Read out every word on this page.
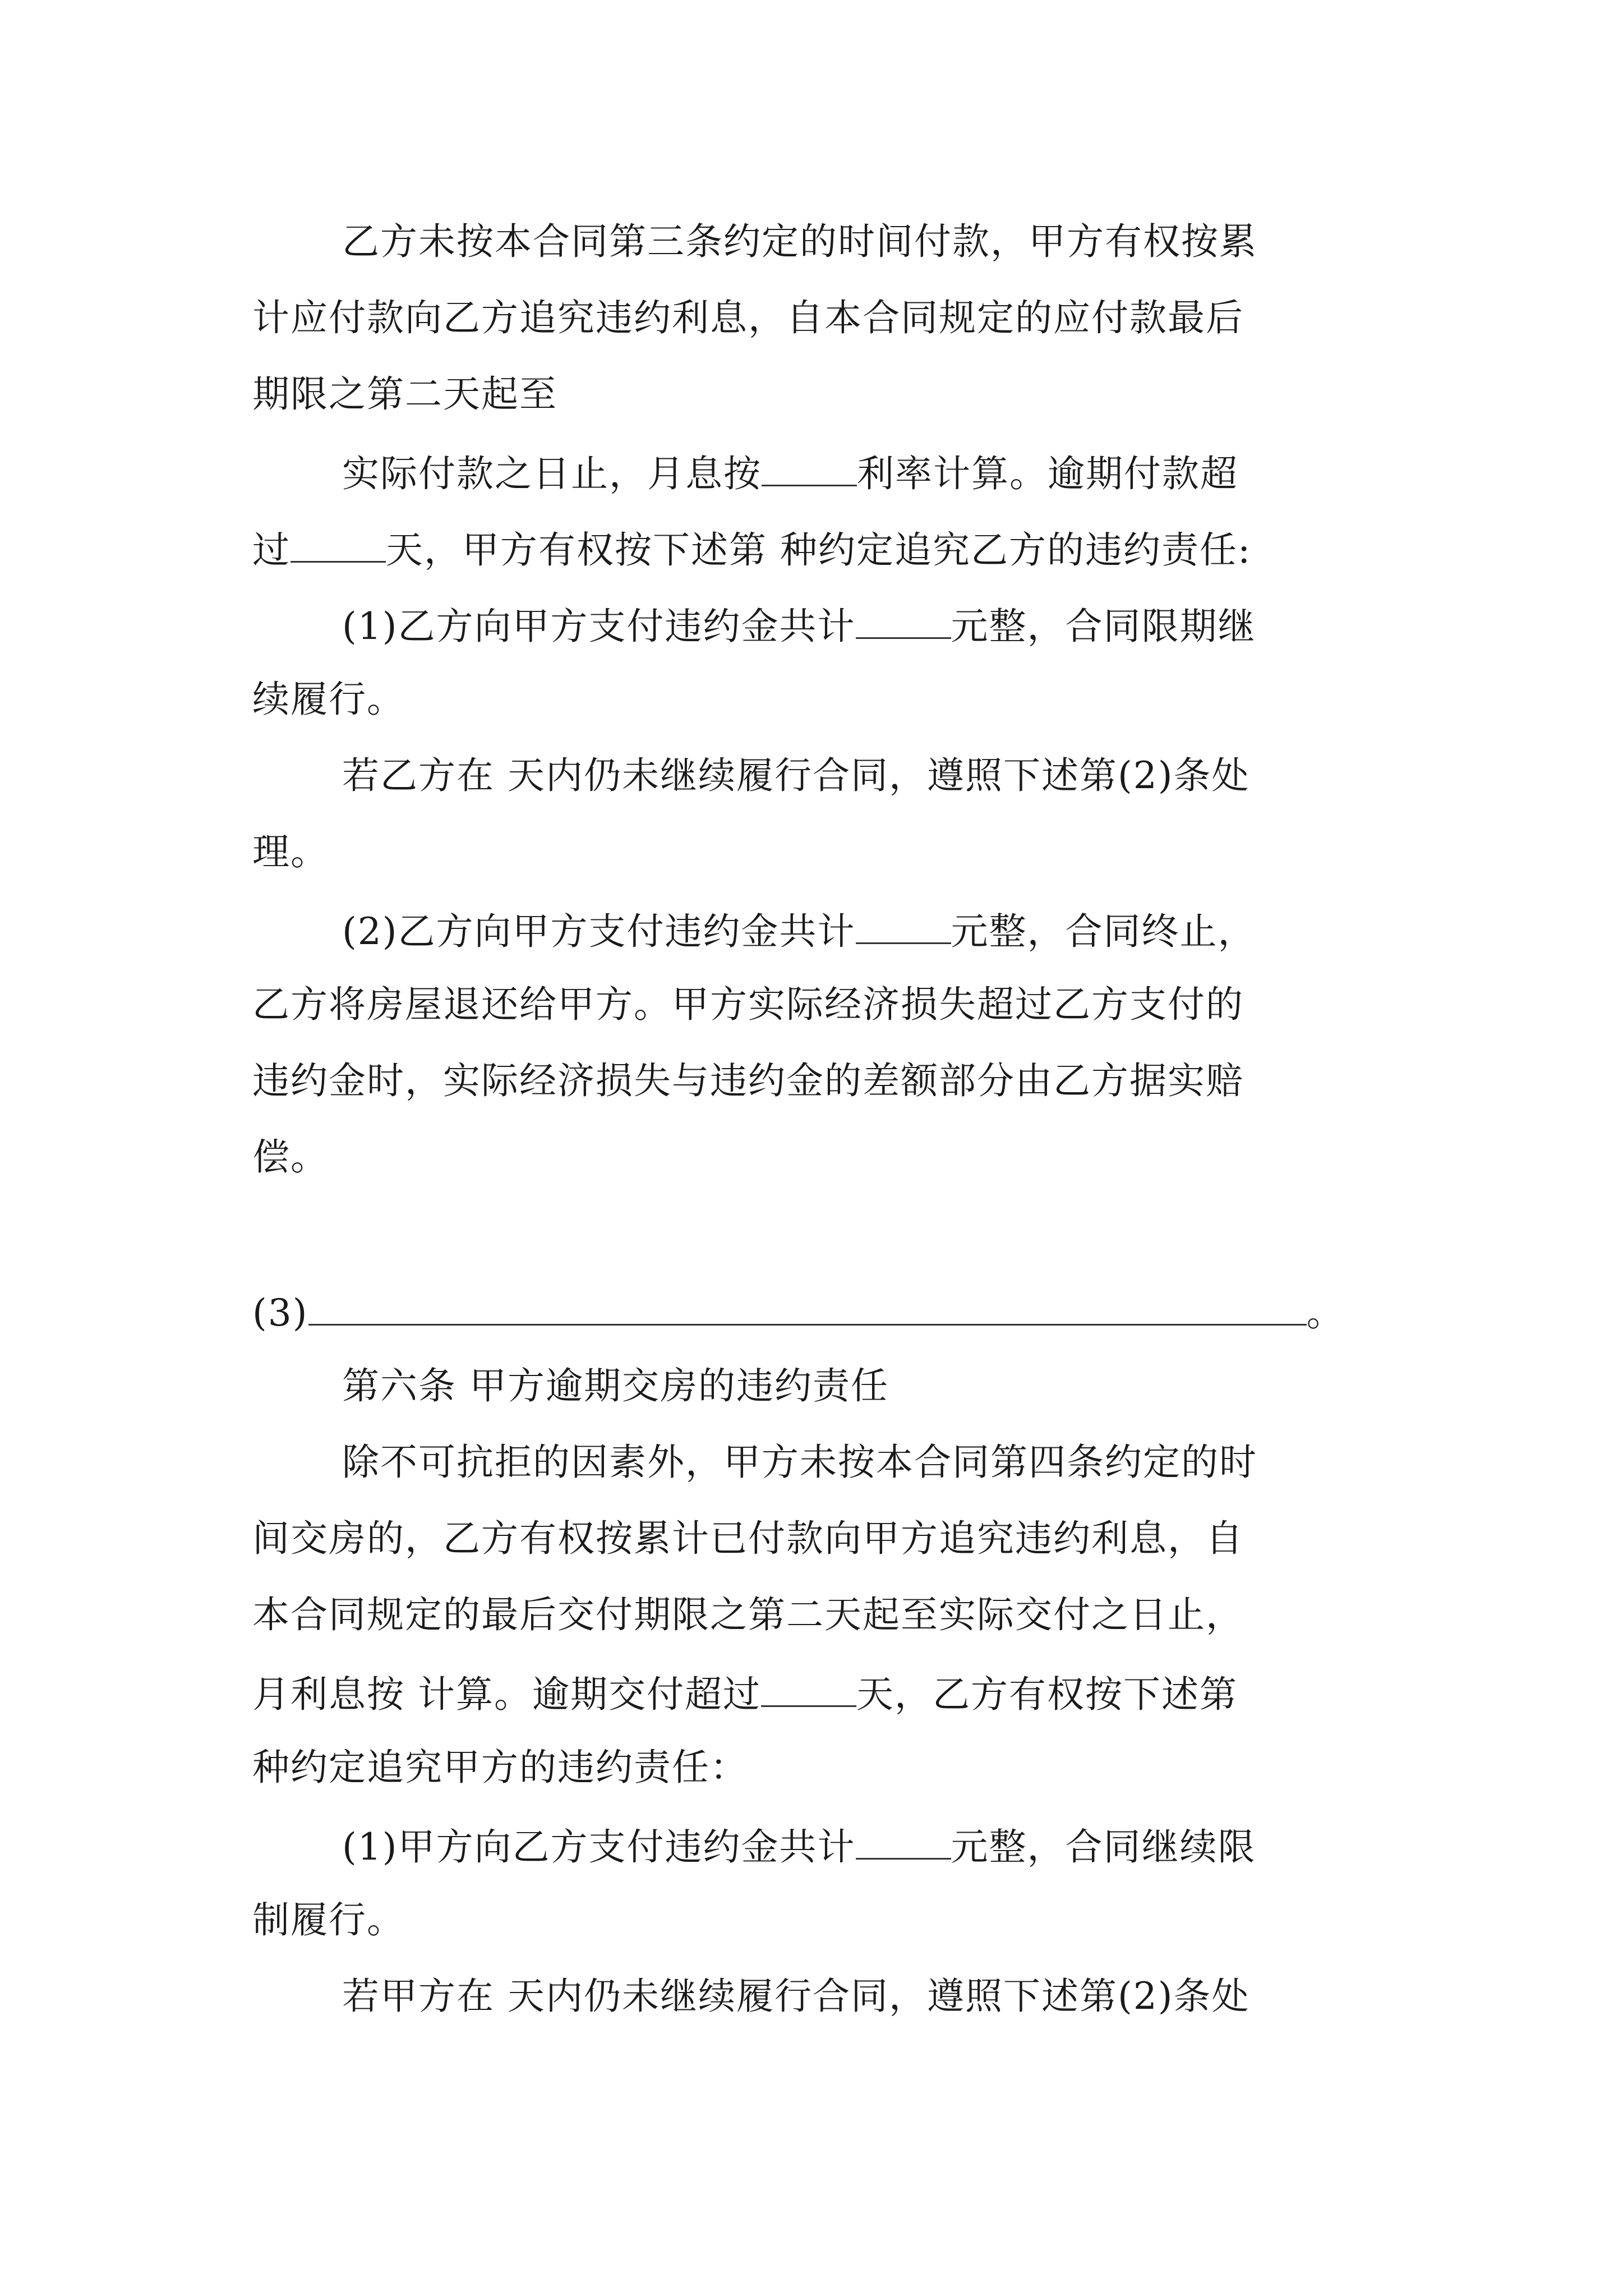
乙方未按本合同第三条约定的时间付款，甲方有权按累
计应付款向乙方追究违约利息，自本合同规定的应付款最后
期限之第二天起至
实际付款之日止，月息按	利率计算。逾期付款超
过	天，甲方有权按下述第 种约定追究乙方的违约责任:
(1)乙方向甲方支付违约金共计	元整，合同限期继
续履行。
若乙方在 天内仍未继续履行合同，遵照下述第(2)条处
理。
(2)乙方向甲方支付违约金共计	元整，合同终止，
乙方将房屋退还给甲方。甲方实际经济损失超过乙方支付的
违约金时，实际经济损失与违约金的差额部分由乙方据实赔
偿。
(3)	。
第六条 甲方逾期交房的违约责任
除不可抗拒的因素外，甲方未按本合同第四条约定的时
间交房的，乙方有权按累计已付款向甲方追究违约利息，自
本合同规定的最后交付期限之第二天起至实际交付之日止，
月利息按 计算。逾期交付超过	天，乙方有权按下述第
种约定追究甲方的违约责任：
(1)甲方向乙方支付违约金共计	元整，合同继续限
制履行。
若甲方在 天内仍未继续履行合同，遵照下述第(2)条处
